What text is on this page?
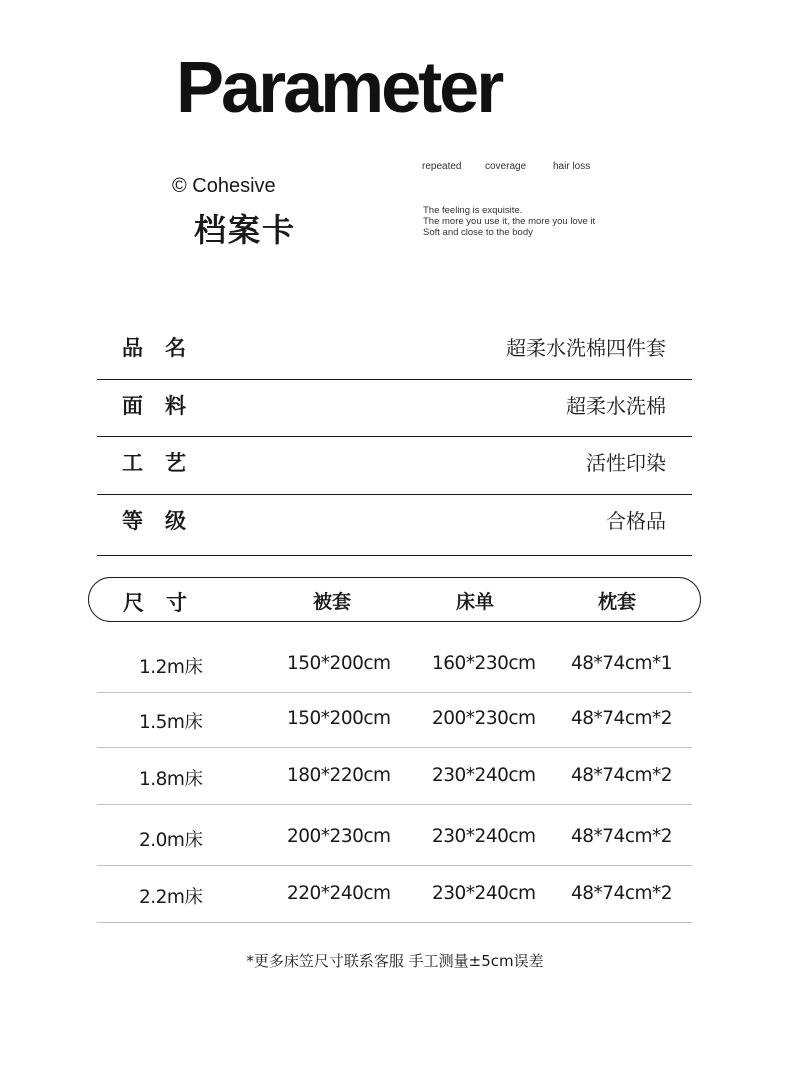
Parameter
© Cohesive
档案卡
repeated coverage	hair loss
The feeling is exquisite.
The more you use it, the more you love it
Soft and close to the body
品名	超柔水洗棉四件套
面料	超柔水洗棉
工艺	活性印染
等级	合格品
尺寸	被套	床单	枕套
1.2m床	150*200cm 160*230cm 48*74cm*1
1.5m床	150*200cm 200*230cm 48*74cm*2
1.8m床	180*220cm 230*240cm 48*74cm*2
2.0m床	200*230cm 230*240cm 48*74cm*2
2.2m床	220*240cm 230*240cm 48*74cm*2
*更多床笠尺寸联系客服 手工测量±5cm误差
